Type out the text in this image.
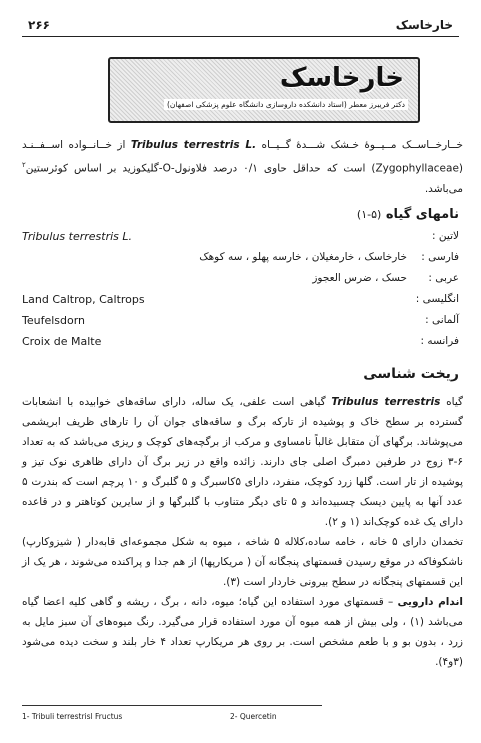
۲۶۶	خارخاسک
خارخاسک
دکتر فریبرز معطر (استاد دانشکده داروسازی دانشگاه علوم پزشکی اصفهان)
خــارخــاســک مــیــوۀ خـشک شـــدۀ گــیــاه Tribulus terrestris L. از خــانــواده اســفــنـد (Zygophyllaceae) است که حداقل حاوی ۰/۱ درصد فلاونول-O-گلیکوزید بر اساس کوئرستین$^۲$ می‌باشد.
نامهای گیاه (۵-۱)
لاتین :
Tribulus terrestris L.
فارسی :
خارخاسک ، خارمغیلان ، خارسه پهلو ، سه کوهک
عربی :
حسک ، ضرس العجوز
انگلیسی :
Land Caltrop, Caltrops
آلمانی :
Teufelsdorn
فرانسه :
Croix de Malte
ریخت شناسی

گیاه Tribulus terrestris گیاهی است علفی، یک ساله، دارای ساقه‌های خوابیده با انشعابات گسترده بر سطح خاک و پوشیده از تارکه برگ و ساقه‌های جوان آن را تارهای ظریف ابریشمی می‌پوشاند. برگهای آن متقابل غالباً نامساوی و مرکب از برگچه‌های کوچک و ریزی می‌باشد که به تعداد ۶-۳ زوج در طرفین دمبرگ اصلی جای دارند. زائده واقع در زیر برگ آن دارای ظاهری نوک تیز و پوشیده از تار است. گلها زرد کوچک، منفرد، دارای ۵کاسبرگ و ۵ گلبرگ و ۱۰ پرچم است که بندرت ۵ عدد آنها به پایین دیسک چسبیده‌اند و ۵ تای دیگر متناوب با گلبرگها و از سایرین کوتاهتر و در قاعده دارای یک غده کوچک‌اند (۱ و ۲).

تخمدان دارای ۵ خانه ، خامه ساده،کلاله ۵ شاخه ، میوه به شکل مجموعه‌ای قابه‌دار ( شیزوکارپ) ناشکوفاکه در موقع رسیدن قسمتهای پنجگانه آن ( مریکارپها) از هم جدا و پراکنده می‌شوند ، هر یک از این قسمتهای پنجگانه در سطح بیرونی خاردار است (۳).

اندام دارویی – قسمتهای مورد استفاده این گیاه؛ میوه، دانه ، برگ ، ریشه و گاهی کلیه اعضا گیاه می‌باشد (۱) ، ولی بیش از همه میوه آن مورد استفاده قرار می‌گیرد. رنگ میوه‌های آن سبز مایل به زرد ، بدون بو و با طعم مشخص است. بر روی هر مریکارپ تعداد ۴ خار بلند و سخت دیده می‌شود (۳و۴).

1- Tribuli terrestrisl Fructus	2- Quercetin
